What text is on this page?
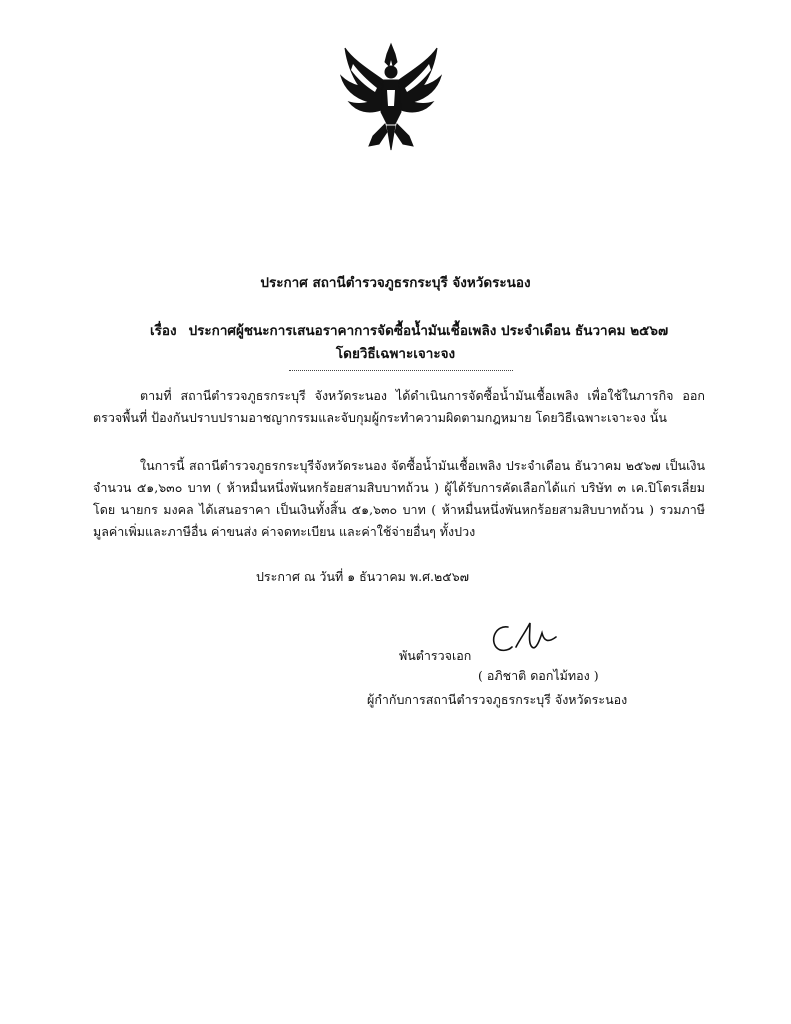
ประกาศ สถานีตำรวจภูธรกระบุรี จังหวัดระนอง
เรื่อง ประกาศผู้ชนะการเสนอราคาการจัดซื้อน้ำมันเชื้อเพลิง ประจำเดือน ธันวาคม ๒๕๖๗
โดยวิธีเฉพาะเจาะจง
ตามที่ สถานีตำรวจภูธรกระบุรี จังหวัดระนอง ได้ดำเนินการจัดซื้อน้ำมันเชื้อเพลิง เพื่อใช้ในภารกิจ ออกตรวจพื้นที่ ป้องกันปราบปรามอาชญากรรมและจับกุมผู้กระทำความผิดตามกฎหมาย โดยวิธีเฉพาะเจาะจง นั้น
ในการนี้ สถานีตำรวจภูธรกระบุรีจังหวัดระนอง จัดซื้อน้ำมันเชื้อเพลิง ประจำเดือน ธันวาคม ๒๕๖๗ เป็นเงินจำนวน ๕๑,๖๓๐ บาท ( ห้าหมื่นหนึ่งพันหกร้อยสามสิบบาทถ้วน ) ผู้ได้รับการคัดเลือกได้แก่ บริษัท ๓ เค.ปิโตรเลี่ยม โดย นายกร มงคล ได้เสนอราคา เป็นเงินทั้งสิ้น ๕๑,๖๓๐ บาท ( ห้าหมื่นหนึ่งพันหกร้อยสามสิบบาทถ้วน ) รวมภาษีมูลค่าเพิ่มและภาษีอื่น ค่าขนส่ง ค่าจดทะเบียน และค่าใช้จ่ายอื่นๆ ทั้งปวง
ประกาศ ณ วันที่ ๑ ธันวาคม พ.ศ.๒๕๖๗
พันตำรวจเอก
( อภิชาติ ดอกไม้ทอง )
ผู้กำกับการสถานีตำรวจภูธรกระบุรี จังหวัดระนอง
